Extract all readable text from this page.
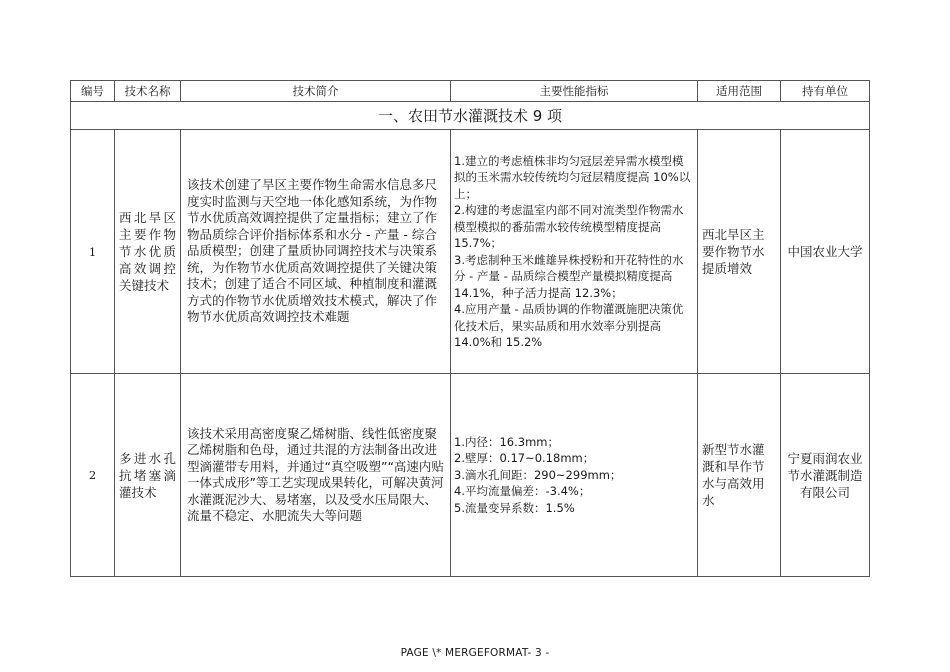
编号	技术名称	技术简介	主要性能指标	适用范围	持有单位
一、农田节水灌溉技术 9 项					
1	西北旱区主要作物节水优质高效调控关键技术	该技术创建了旱区主要作物生命需水信息多尺度实时监测与天空地一体化感知系统，为作物节水优质高效调控提供了定量指标；建立了作物品质综合评价指标体系和水分 - 产量 - 综合品质模型；创建了量质协同调控技术与决策系统，为作物节水优质高效调控提供了关键决策技术；创建了适合不同区域、种植制度和灌溉方式的作物节水优质增效技术模式，解决了作物节水优质高效调控技术难题	1.建立的考虑植株非均匀冠层差异需水模型模拟的玉米需水较传统均匀冠层精度提高 10%以上；
2.构建的考虑温室内部不同对流类型作物需水模型模拟的番茄需水较传统模型精度提高 15.7%；
3.考虑制种玉米雌雄异株授粉和开花特性的水分 - 产量 - 品质综合模型产量模拟精度提高 14.1%，种子活力提高 12.3%；
4.应用产量 - 品质协调的作物灌溉施肥决策优化技术后，果实品质和用水效率分别提高 14.0%和 15.2%	西北旱区主要作物节水提质增效	中国农业大学
2	多进水孔抗堵塞滴灌技术	该技术采用高密度聚乙烯树脂、线性低密度聚乙烯树脂和色母，通过共混的方法制备出改进型滴灌带专用料，并通过“真空吸塑”“高速内贴一体式成形”等工艺实现成果转化，可解决黄河水灌溉泥沙大、易堵塞，以及受水压局限大、流量不稳定、水肥流失大等问题	1.内径：16.3mm；
2.壁厚：0.17~0.18mm；
3.滴水孔间距：290~299mm；
4.平均流量偏差：-3.4%；
5.流量变异系数：1.5%	新型节水灌溉和旱作节水与高效用水	宁夏雨润农业节水灌溉制造有限公司
PAGE \* MERGEFORMAT- 3 -
